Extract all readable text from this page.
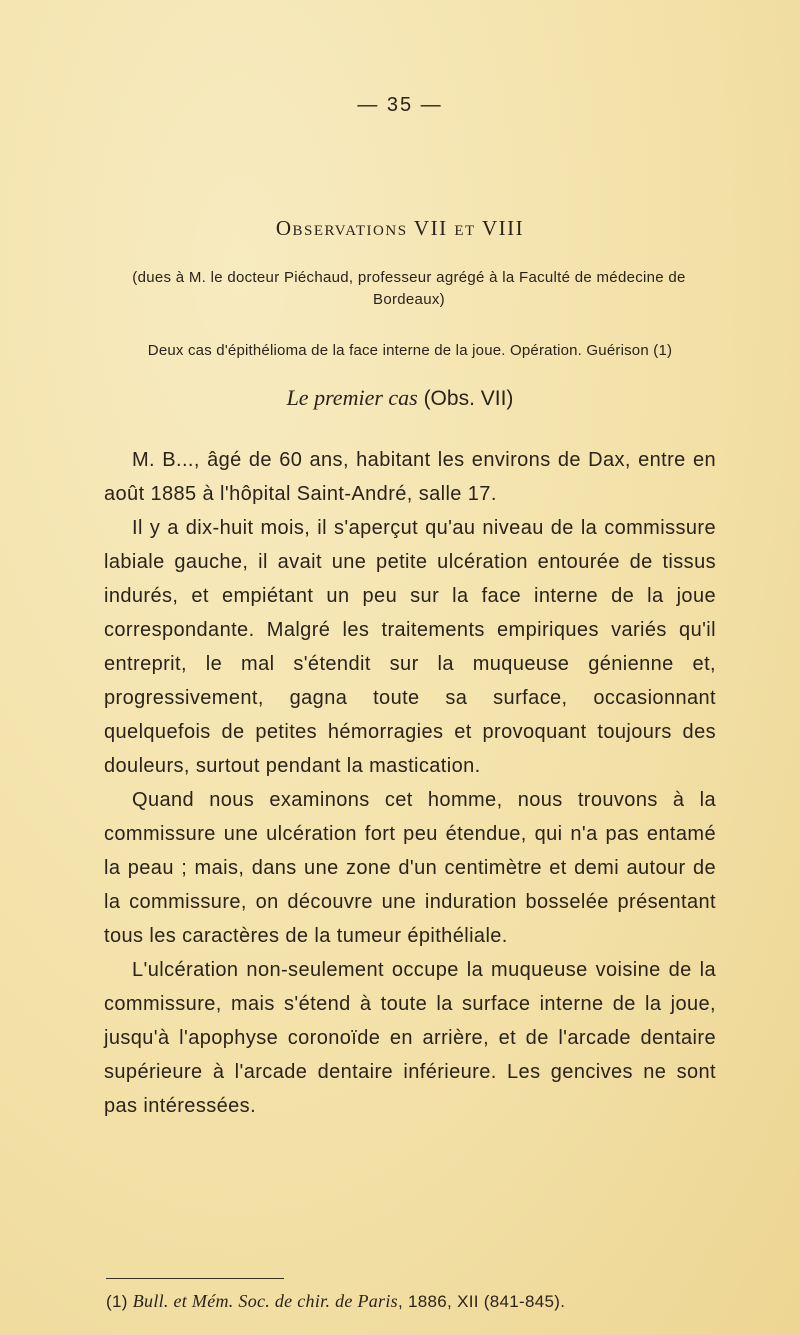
— 35 —
Observations VII et VIII
(dues à M. le docteur Piéchaud, professeur agrégé à la Faculté de médecine de Bordeaux)
Deux cas d'épithélioma de la face interne de la joue. Opération. Guérison (1)
Le premier cas (Obs. VII)

M. B..., âgé de 60 ans, habitant les environs de Dax, entre en août 1885 à l'hôpital Saint-André, salle 17.

Il y a dix-huit mois, il s'aperçut qu'au niveau de la commissure labiale gauche, il avait une petite ulcération entourée de tissus indurés, et empiétant un peu sur la face interne de la joue correspondante. Malgré les traitements empiriques variés qu'il entreprit, le mal s'étendit sur la muqueuse génienne et, progressivement, gagna toute sa surface, occasionnant quelquefois de petites hémorragies et provoquant toujours des douleurs, surtout pendant la mastication.

Quand nous examinons cet homme, nous trouvons à la commissure une ulcération fort peu étendue, qui n'a pas entamé la peau ; mais, dans une zone d'un centimètre et demi autour de la commissure, on découvre une induration bosselée présentant tous les caractères de la tumeur épithéliale.

L'ulcération non-seulement occupe la muqueuse voisine de la commissure, mais s'étend à toute la surface interne de la joue, jusqu'à l'apophyse coronoïde en arrière, et de l'arcade dentaire supérieure à l'arcade dentaire inférieure. Les gencives ne sont pas intéressées.

(1) Bull. et Mém. Soc. de chir. de Paris, 1886, XII (841-845).
